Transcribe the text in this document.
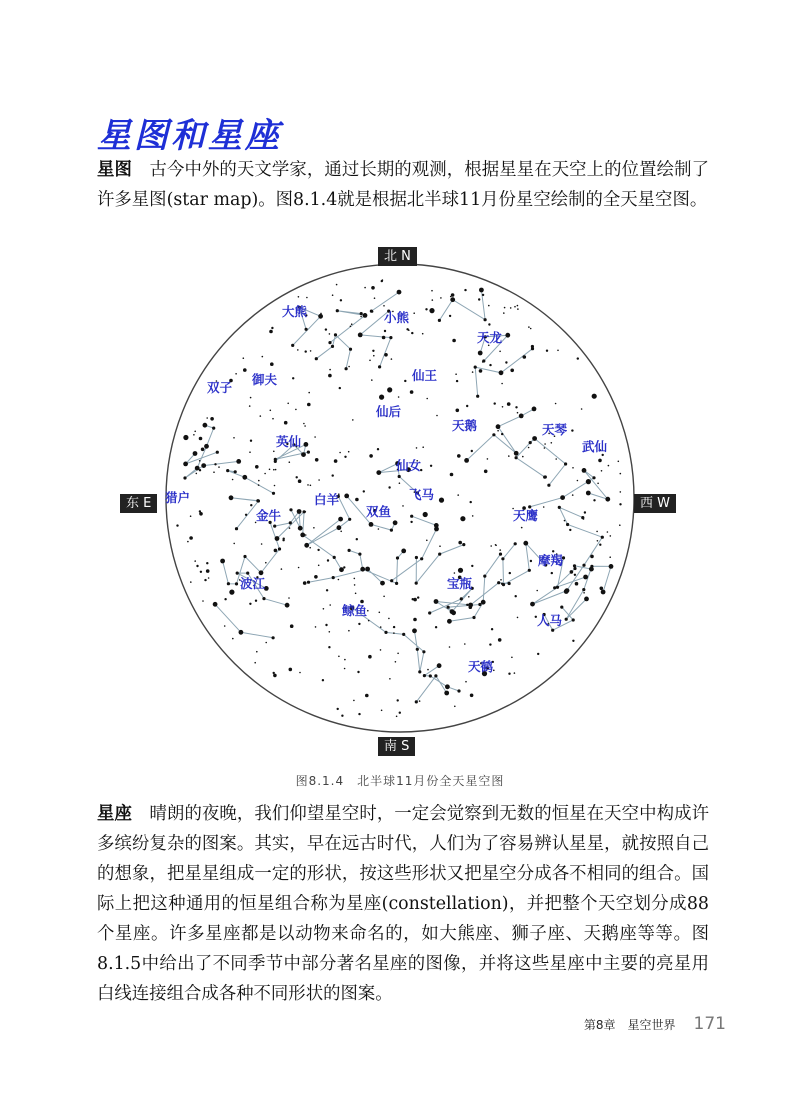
星图和星座

星图　 古今中外的天文学家，通过长期的观测，根据星星在天空上的位置绘制了许多星图(star map)。图8.1.4就是根据北半球11月份星空绘制的全天星空图。

大熊	小熊
天龙
双子
御夫	仙王
仙后
天鹅	天琴
武仙
英仙
仙女
猎户	白羊	飞马
金牛	双鱼	天鹰
摩羯
波江	宝瓶
鲸鱼
人马
天鹤
北 N
南 S
东 E	西 W
图8.1.4　北半球11月份全天星空图

星座　 晴朗的夜晚，我们仰望星空时，一定会觉察到无数的恒星在天空中构成许多缤纷复杂的图案。其实，早在远古时代，人们为了容易辨认星星，就按照自己的想象，把星星组成一定的形状，按这些形状又把星空分成各不相同的组合。国际上把这种通用的恒星组合称为星座(constellation)，并把整个天空划分成88个星座。许多星座都是以动物来命名的，如大熊座、狮子座、天鹅座等等。图8.1.5中给出了不同季节中部分著名星座的图像，并将这些星座中主要的亮星用白线连接组合成各种不同形状的图案。

第8章　星空世界 171
